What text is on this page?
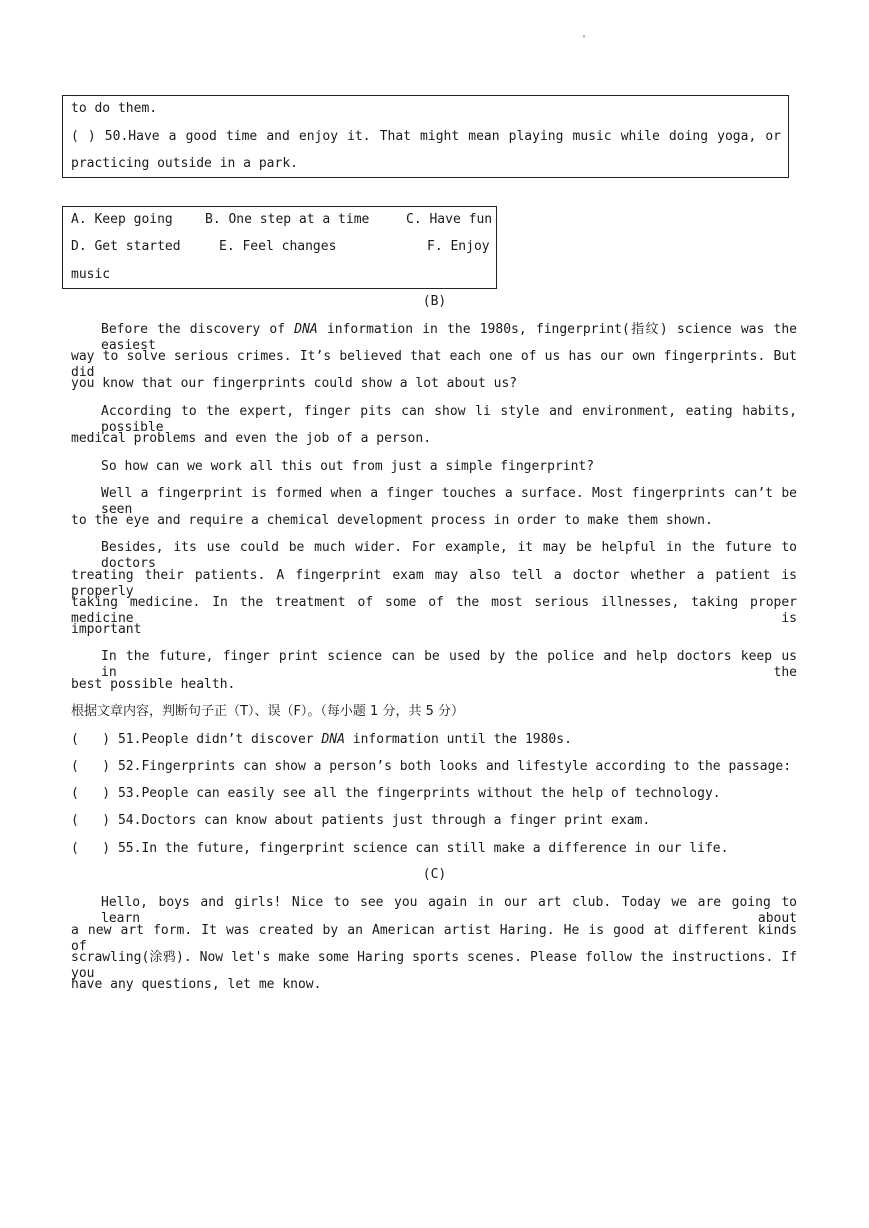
'
to do them.
( ) 50.Have a good time and enjoy it. That might mean playing music while doing yoga, or
practicing outside in a park.
A. Keep going B. One step at a time	C. Have fun
D. Get started	E. Feel changes	F. Enjoy
music
(B)
Before the discovery of DNA information in the 1980s, fingerprint(指纹) science was the easiest
way to solve serious crimes. It’s believed that each one of us has our own fingerprints. But did
you know that our fingerprints could show a lot about us?
According to the expert, finger pits can show li style and environment, eating habits, possible
medical problems and even the job of a person.
So how can we work all this out from just a simple fingerprint?
Well a fingerprint is formed when a finger touches a surface. Most fingerprints can’t be seen
to the eye and require a chemical development process in order to make them shown.
Besides, its use could be much wider. For example, it may be helpful in the future to doctors
treating their patients. A fingerprint exam may also tell a doctor whether a patient is properly
taking medicine. In the treatment of some of the most serious illnesses, taking proper medicine is
important
In the future, finger print science can be used by the police and help doctors keep us in the
best possible health.
根据文章内容，判断句子正（T）、误（F）。（每小题 1 分，共 5 分）
(   ) 51.People didn’t discover DNA information until the 1980s.
(   ) 52.Fingerprints can show a person’s both looks and lifestyle according to the passage:
(   ) 53.People can easily see all the fingerprints without the help of technology.
(   ) 54.Doctors can know about patients just through a finger print exam.
(   ) 55.In the future, fingerprint science can still make a difference in our life.
(C)
Hello, boys and girls! Nice to see you again in our art club. Today we are going to learn about
a new art form. It was created by an American artist Haring. He is good at different kinds of
scrawling(涂鸦). Now let's make some Haring sports scenes. Please follow the instructions. If you
have any questions, let me know.
